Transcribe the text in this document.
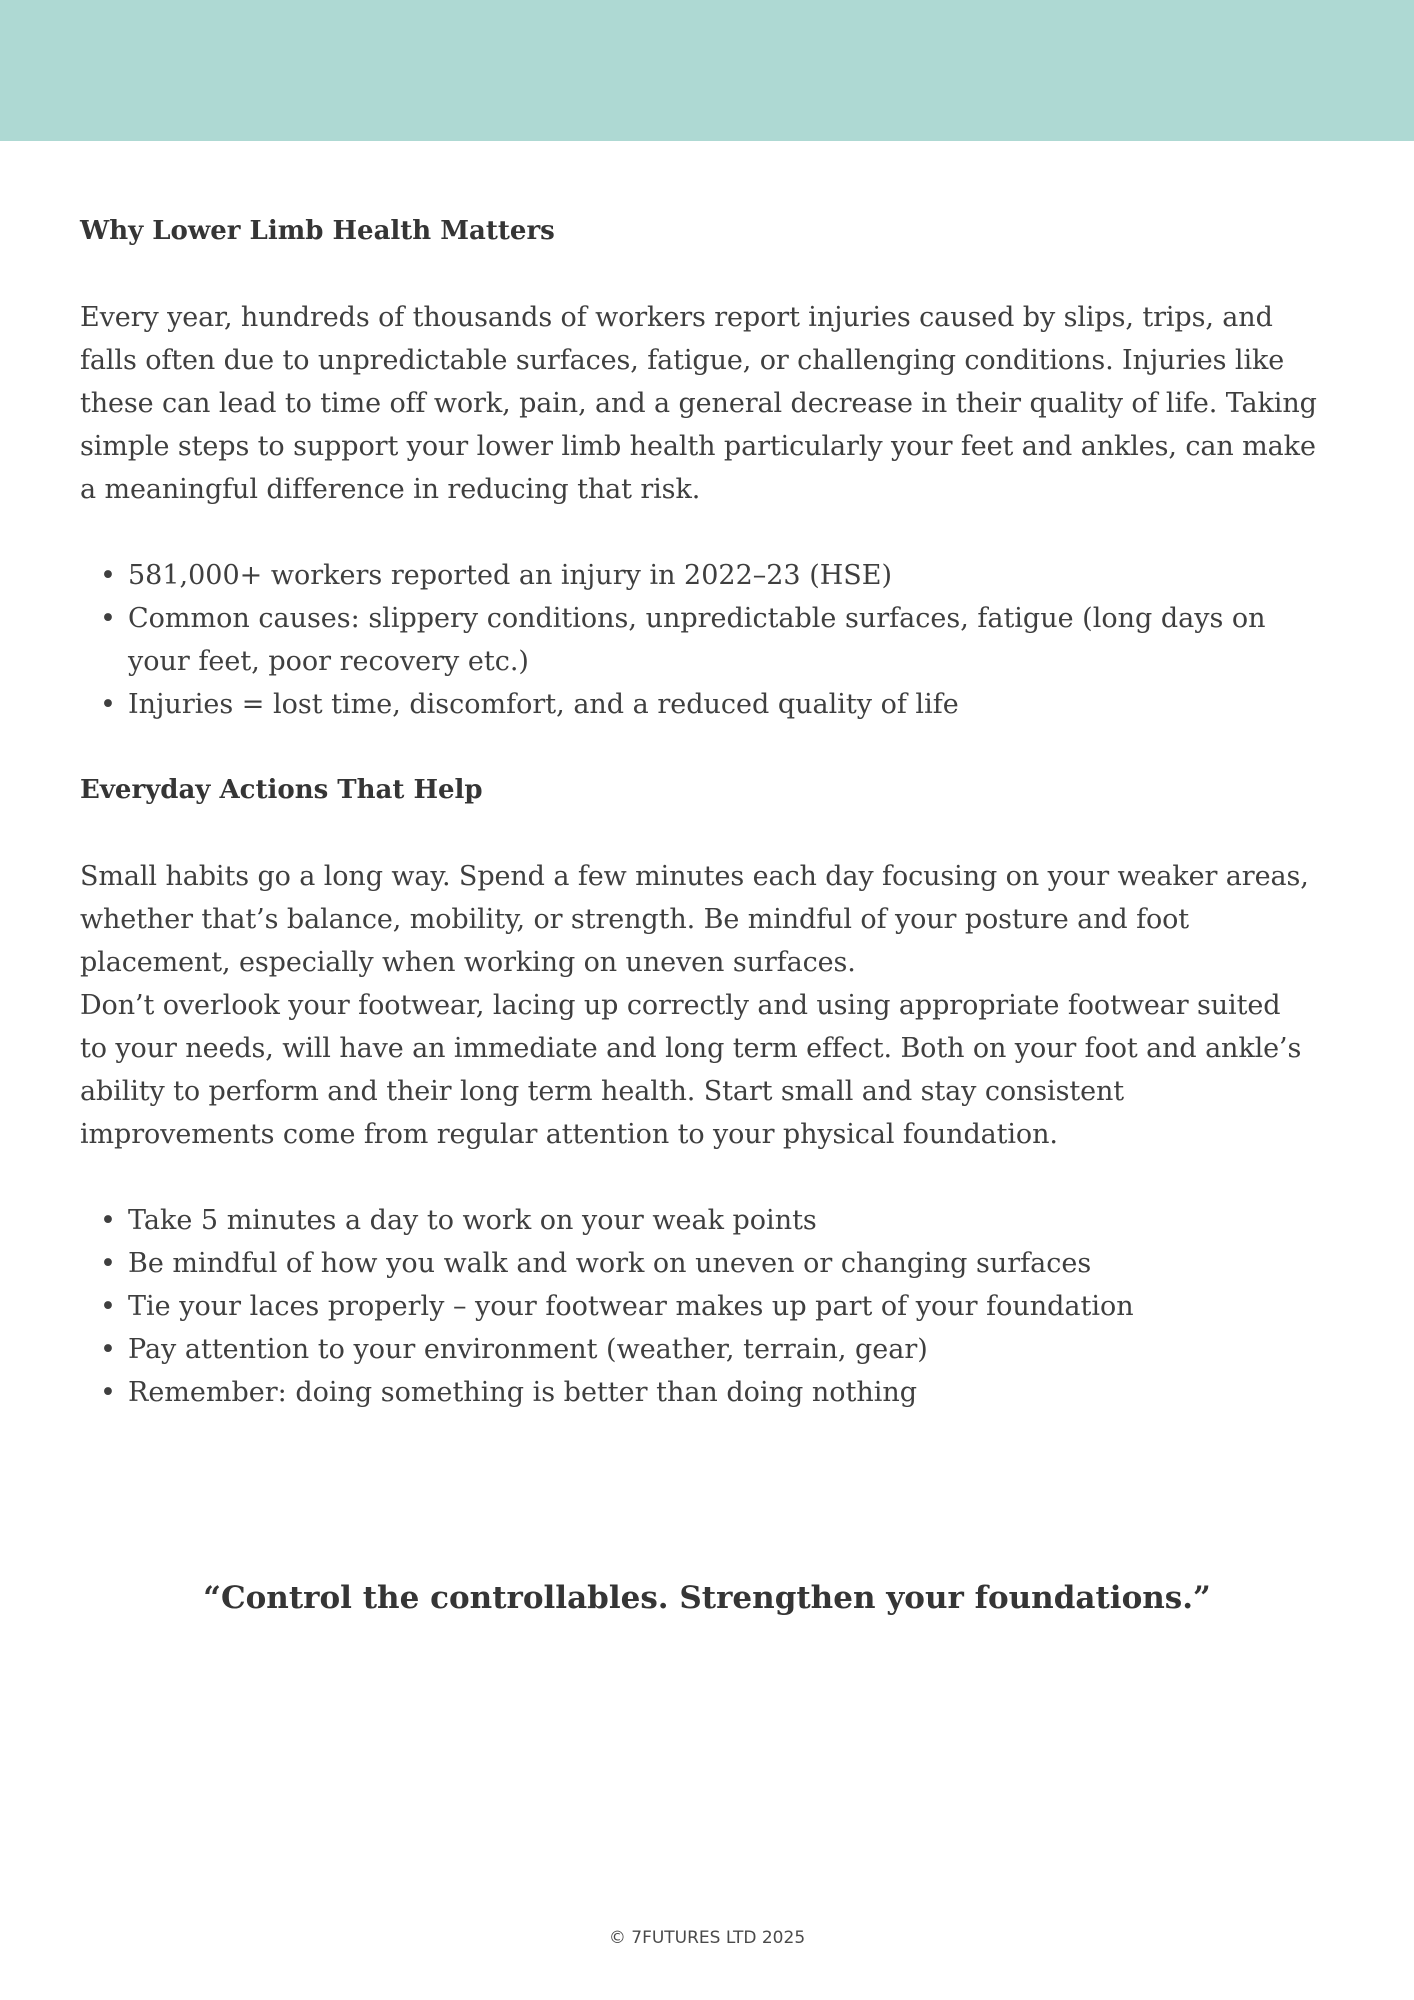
Why Lower Limb Health Matters
Every year, hundreds of thousands of workers report injuries caused by slips, trips, and
falls often due to unpredictable surfaces, fatigue, or challenging conditions. Injuries like
these can lead to time off work, pain, and a general decrease in their quality of life. Taking
simple steps to support your lower limb health particularly your feet and ankles, can make
a meaningful difference in reducing that risk.
• 581,000+ workers reported an injury in 2022–23 (HSE)
• Common causes: slippery conditions, unpredictable surfaces, fatigue (long days on
your feet, poor recovery etc.)
• Injuries = lost time, discomfort, and a reduced quality of life
Everyday Actions That Help
Small habits go a long way. Spend a few minutes each day focusing on your weaker areas,
whether that’s balance, mobility, or strength. Be mindful of your posture and foot
placement, especially when working on uneven surfaces.
Don’t overlook your footwear, lacing up correctly and using appropriate footwear suited
to your needs, will have an immediate and long term effect. Both on your foot and ankle’s
ability to perform and their long term health. Start small and stay consistent
improvements come from regular attention to your physical foundation.
• Take 5 minutes a day to work on your weak points
• Be mindful of how you walk and work on uneven or changing surfaces
• Tie your laces properly – your footwear makes up part of your foundation
• Pay attention to your environment (weather, terrain, gear)
• Remember: doing something is better than doing nothing

“Control the controllables. Strengthen your foundations.”

© 7FUTURES LTD 2025
